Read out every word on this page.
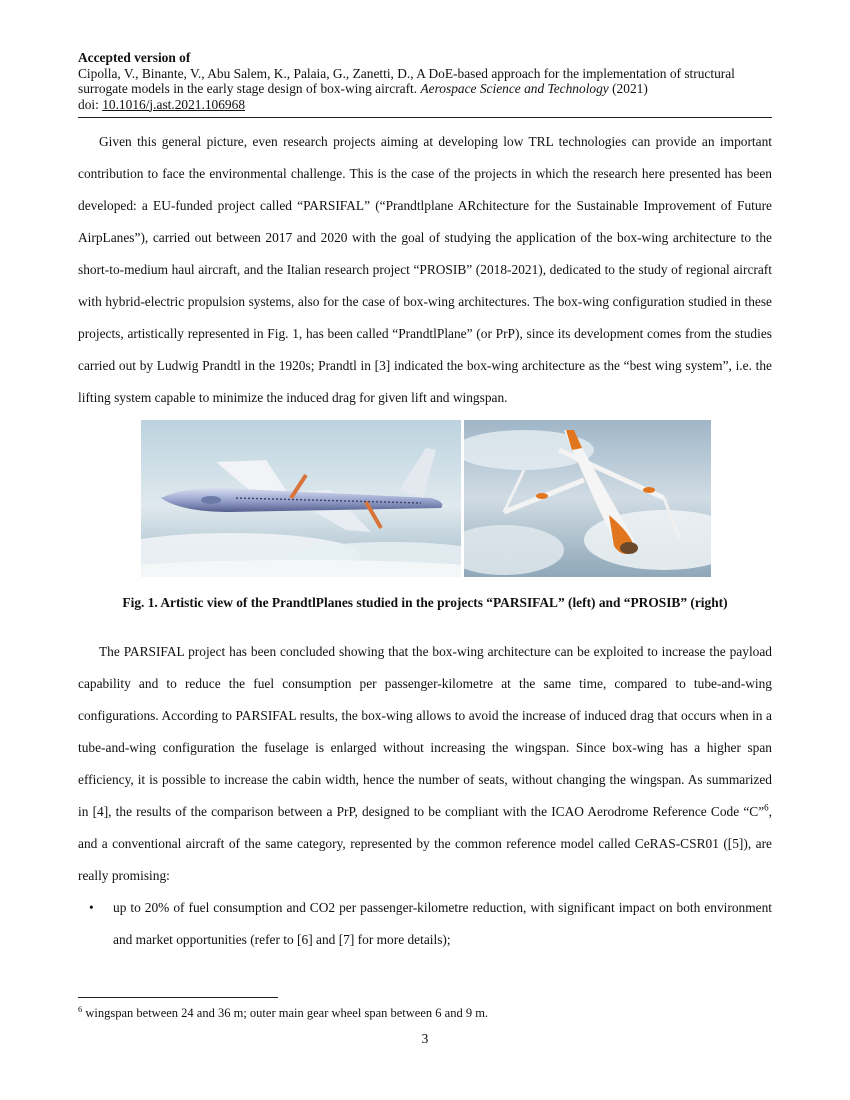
Accepted version of
Cipolla, V., Binante, V., Abu Salem, K., Palaia, G., Zanetti, D., A DoE-based approach for the implementation of structural surrogate models in the early stage design of box-wing aircraft. Aerospace Science and Technology (2021)
doi: 10.1016/j.ast.2021.106968

Given this general picture, even research projects aiming at developing low TRL technologies can provide an important contribution to face the environmental challenge. This is the case of the projects in which the research here presented has been developed: a EU-funded project called “PARSIFAL” (“Prandtlplane ARchitecture for the Sustainable Improvement of Future AirpLanes”), carried out between 2017 and 2020 with the goal of studying the application of the box-wing architecture to the short-to-medium haul aircraft, and the Italian research project “PROSIB” (2018-2021), dedicated to the study of regional aircraft with hybrid-electric propulsion systems, also for the case of box-wing architectures. The box-wing configuration studied in these projects, artistically represented in Fig. 1, has been called “PrandtlPlane” (or PrP), since its development comes from the studies carried out by Ludwig Prandtl in the 1920s; Prandtl in [3] indicated the box-wing architecture as the “best wing system”, i.e. the lifting system capable to minimize the induced drag for given lift and wingspan.

Fig. 1. Artistic view of the PrandtlPlanes studied in the projects “PARSIFAL” (left) and “PROSIB” (right)

The PARSIFAL project has been concluded showing that the box-wing architecture can be exploited to increase the payload capability and to reduce the fuel consumption per passenger-kilometre at the same time, compared to tube-and-wing configurations. According to PARSIFAL results, the box-wing allows to avoid the increase of induced drag that occurs when in a tube-and-wing configuration the fuselage is enlarged without increasing the wingspan. Since box-wing has a higher span efficiency, it is possible to increase the cabin width, hence the number of seats, without changing the wingspan. As summarized in [4], the results of the comparison between a PrP, designed to be compliant with the ICAO Aerodrome Reference Code “C”$^6$, and a conventional aircraft of the same category, represented by the common reference model called CeRAS-CSR01 ([5]), are really promising:

• up to 20% of fuel consumption and CO2 per passenger-kilometre reduction, with significant impact on both environment and market opportunities (refer to [6] and [7] for more details);
$^6$ wingspan between 24 and 36 m; outer main gear wheel span between 6 and 9 m.
3
